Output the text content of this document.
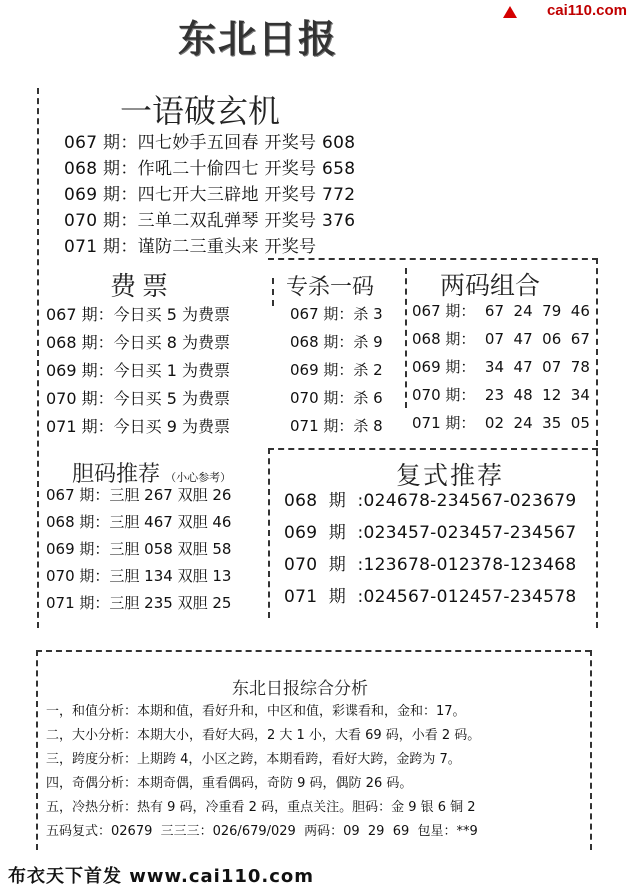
cai110.com
东北日报
一语破玄机
067 期：四七妙手五回春 开奖号 608
068 期：作吼二十偷四七 开奖号 658
069 期：四七开大三辟地 开奖号 772
070 期：三单二双乱弹琴 开奖号 376
071 期：谨防二三重头来 开奖号
费票
067 期：今日买 5 为费票
068 期：今日买 8 为费票
069 期：今日买 1 为费票
070 期：今日买 5 为费票
071 期：今日买 9 为费票
专杀一码
067 期：杀 3
068 期：杀 9
069 期：杀 2
070 期：杀 6
071 期：杀 8
两码组合
067 期：  67  24  79  46
068 期：  07  47  06  67
069 期：  34  47  07  78
070 期：  23  48  12  34
071 期：  02  24  35  05
胆码推荐 （小心参考）
067 期：三胆 267 双胆 26
068 期：三胆 467 双胆 46
069 期：三胆 058 双胆 58
070 期：三胆 134 双胆 13
071 期：三胆 235 双胆 25
复式推荐
068  期  :024678-234567-023679
069  期  :023457-023457-234567
070  期  :123678-012378-123468
071  期  :024567-012457-234578
东北日报综合分析
一，和值分析：本期和值，看好升和，中区和值，彩谍看和，金和：17。
二，大小分析：本期大小，看好大码，2 大 1 小，大看 69 码，小看 2 码。
三，跨度分析：上期跨 4，小区之跨，本期看跨，看好大跨，金跨为 7。
四，奇偶分析：本期奇偶，重看偶码，奇防 9 码，偶防 26 码。
五，冷热分析：热有 9 码，冷重看 2 码，重点关注。胆码：金 9 银 6 铜 2
五码复式：02679  三三三：026/679/029  两码：09  29  69  包星：**9
布衣天下首发 www.cai110.com
